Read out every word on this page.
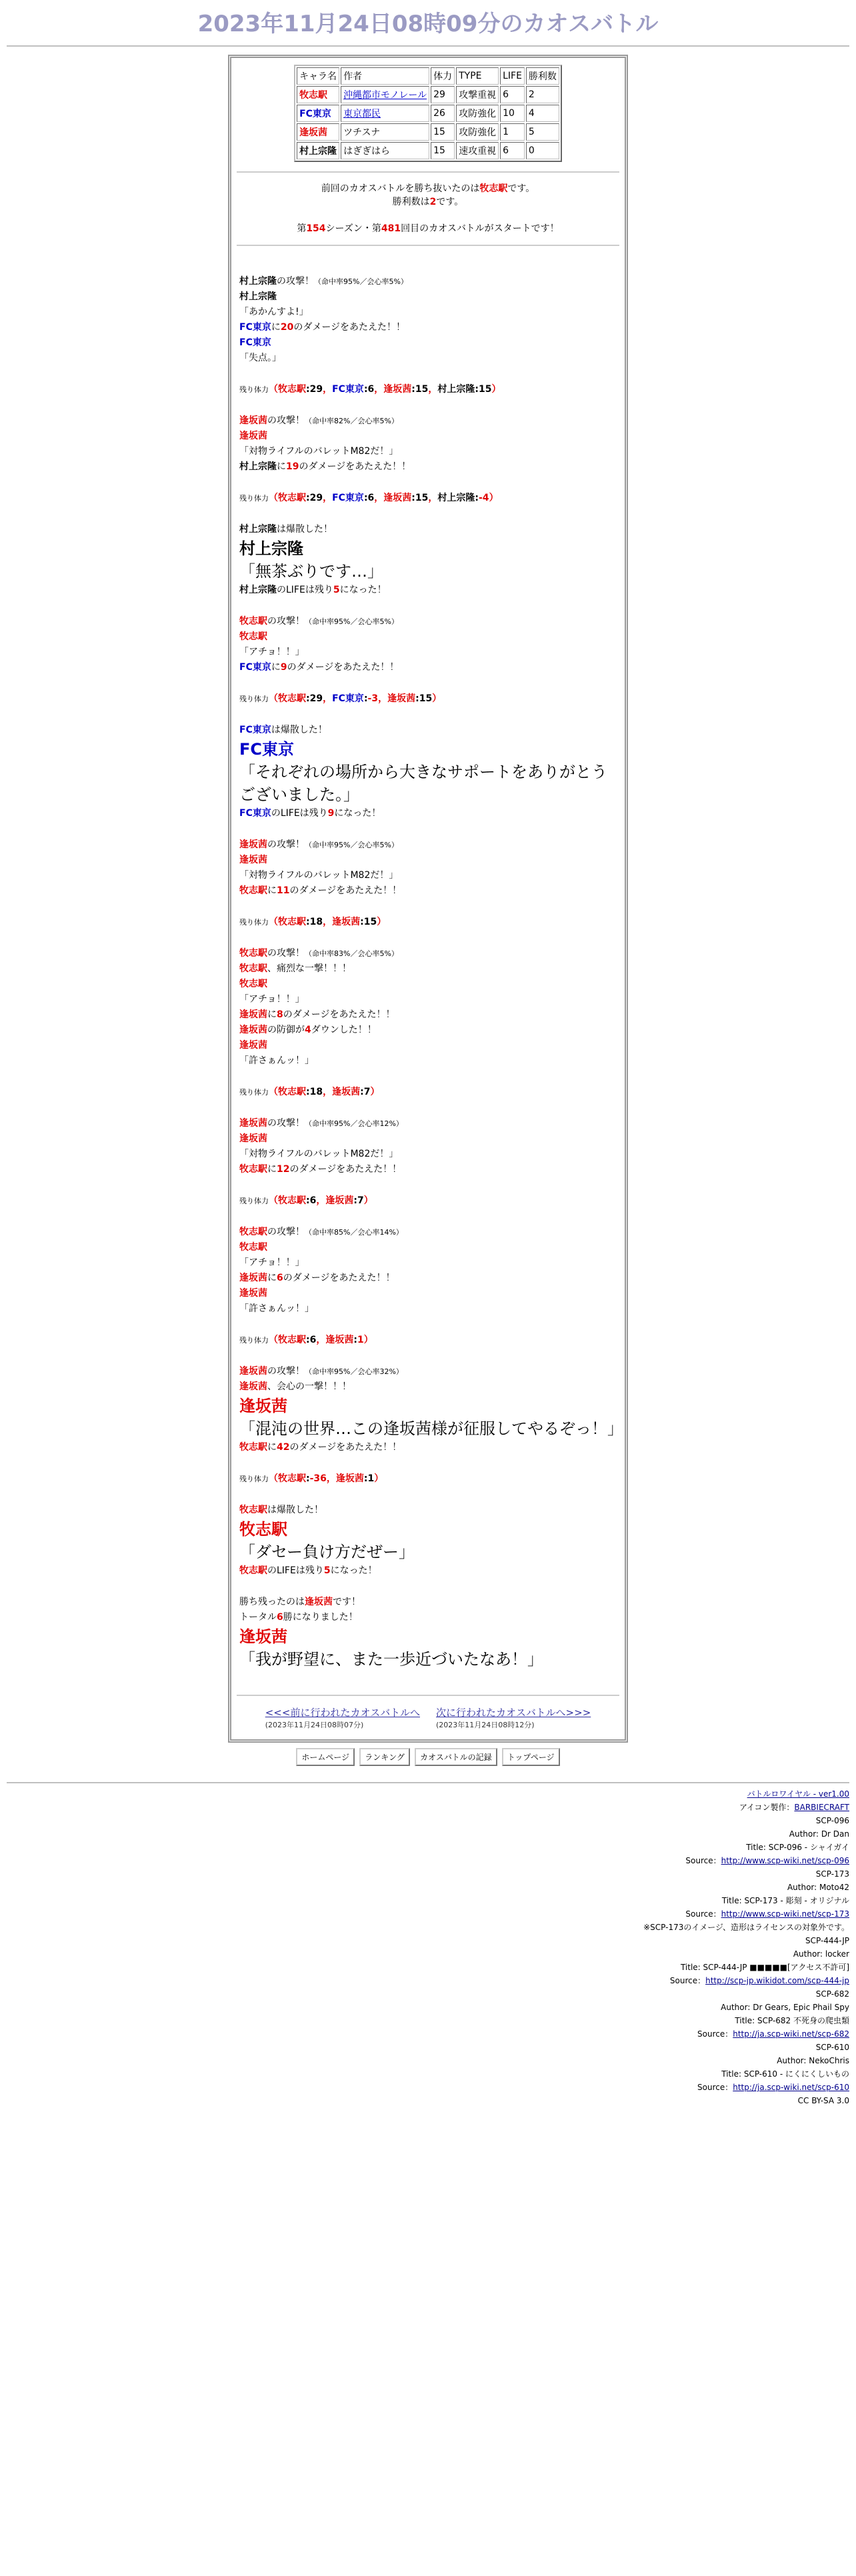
2023年11月24日08時09分のカオスバトル
キャラ名	作者	体力	TYPE	LIFE	勝利数
牧志駅	沖縄都市モノレール	29	攻撃重視	6	2
FC東京	東京都民	26	攻防強化	10	4
逢坂茜	ツチスナ	15	攻防強化	1	5
村上宗隆	はぎぎはら	15	速攻重視	6	0
前回のカオスバトルを勝ち抜いたのは牧志駅です。
勝利数は2です。
第154シーズン・第481回目のカオスバトルがスタートです！
村上宗隆の攻撃！（命中率95%／会心率5%）
村上宗隆
「あかんすよ!」
FC東京に20のダメージをあたえた！！
FC東京
「失点。」
残り体力（牧志駅:29，FC東京:6，逢坂茜:15，村上宗隆:15）
逢坂茜の攻撃！（命中率82%／会心率5%）
逢坂茜
「対物ライフルのバレットM82だ！」
村上宗隆に19のダメージをあたえた！！
残り体力（牧志駅:29，FC東京:6，逢坂茜:15，村上宗隆:-4）
村上宗隆は爆散した！
村上宗隆
「無茶ぶりです…」
村上宗隆のLIFEは残り5になった！
牧志駅の攻撃！（命中率95%／会心率5%）
牧志駅
「アチョ！！」
FC東京に9のダメージをあたえた！！
残り体力（牧志駅:29，FC東京:-3，逢坂茜:15）
FC東京は爆散した！
FC東京
「それぞれの場所から大きなサポートをありがとうございました。」
FC東京のLIFEは残り9になった！
逢坂茜の攻撃！（命中率95%／会心率5%）
逢坂茜
「対物ライフルのバレットM82だ！」
牧志駅に11のダメージをあたえた！！
残り体力（牧志駅:18，逢坂茜:15）
牧志駅の攻撃！（命中率83%／会心率5%）
牧志駅、痛烈な一撃！！！
牧志駅
「アチョ！！」
逢坂茜に8のダメージをあたえた！！
逢坂茜の防御が4ダウンした！！
逢坂茜
「許さぁんッ！」
残り体力（牧志駅:18，逢坂茜:7）
逢坂茜の攻撃！（命中率95%／会心率12%）
逢坂茜
「対物ライフルのバレットM82だ！」
牧志駅に12のダメージをあたえた！！
残り体力（牧志駅:6，逢坂茜:7）
牧志駅の攻撃！（命中率85%／会心率14%）
牧志駅
「アチョ！！」
逢坂茜に6のダメージをあたえた！！
逢坂茜
「許さぁんッ！」
残り体力（牧志駅:6，逢坂茜:1）
逢坂茜の攻撃！（命中率95%／会心率32%）
逢坂茜、会心の一撃！！！
逢坂茜
「混沌の世界…この逢坂茜様が征服してやるぞっ！」
牧志駅に42のダメージをあたえた！！
残り体力（牧志駅:-36，逢坂茜:1）
牧志駅は爆散した！
牧志駅
「ダセー負け方だぜー」
牧志駅のLIFEは残り5になった！
勝ち残ったのは逢坂茜です！
トータル6勝になりました！
逢坂茜
「我が野望に、また一歩近づいたなあ！」
<<<前に行われたカオスバトルへ
(2023年11月24日08時07分)
次に行われたカオスバトルへ>>>
(2023年11月24日08時12分)
ホームページ ランキング カオスバトルの記録 トップページ
バトルロワイヤル - ver1.00
アイコン製作：BARBIECRAFT
SCP-096
Author: Dr Dan
Title: SCP-096 - シャイガイ
Source：http://www.scp-wiki.net/scp-096
SCP-173
Author: Moto42
Title: SCP-173 - 彫刻 - オリジナル
Source：http://www.scp-wiki.net/scp-173
※SCP-173のイメージ、造形はライセンスの対象外です。
SCP-444-JP
Author: locker
Title: SCP-444-JP ■■■■■[アクセス不許可]
Source：http://scp-jp.wikidot.com/scp-444-jp
SCP-682
Author: Dr Gears, Epic Phail Spy
Title: SCP-682 不死身の爬虫類
Source：http://ja.scp-wiki.net/scp-682
SCP-610
Author: NekoChris
Title: SCP-610 - にくにくしいもの
Source：http://ja.scp-wiki.net/scp-610
CC BY-SA 3.0
